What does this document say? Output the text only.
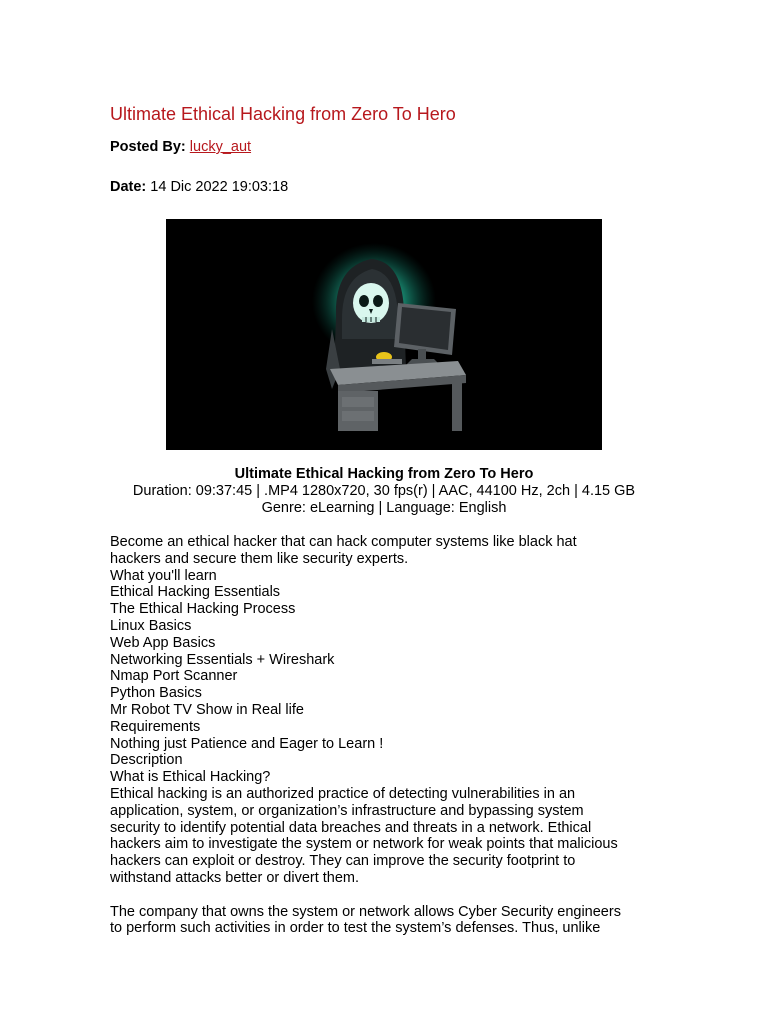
Ultimate Ethical Hacking from Zero To Hero
Posted By: lucky_aut
Date: 14 Dic 2022 19:03:18
Ultimate Ethical Hacking from Zero To Hero
Duration: 09:37:45 | .MP4 1280x720, 30 fps(r) | AAC, 44100 Hz, 2ch | 4.15 GB
Genre: eLearning | Language: English
Become an ethical hacker that can hack computer systems like black hat
hackers and secure them like security experts.
What you'll learn
Ethical Hacking Essentials
The Ethical Hacking Process
Linux Basics
Web App Basics
Networking Essentials + Wireshark
Nmap Port Scanner
Python Basics
Mr Robot TV Show in Real life
Requirements
Nothing just Patience and Eager to Learn !
Description
What is Ethical Hacking?
Ethical hacking is an authorized practice of detecting vulnerabilities in an
application, system, or organization’s infrastructure and bypassing system
security to identify potential data breaches and threats in a network. Ethical
hackers aim to investigate the system or network for weak points that malicious
hackers can exploit or destroy. They can improve the security footprint to
withstand attacks better or divert them.
The company that owns the system or network allows Cyber Security engineers
to perform such activities in order to test the system’s defenses. Thus, unlike
